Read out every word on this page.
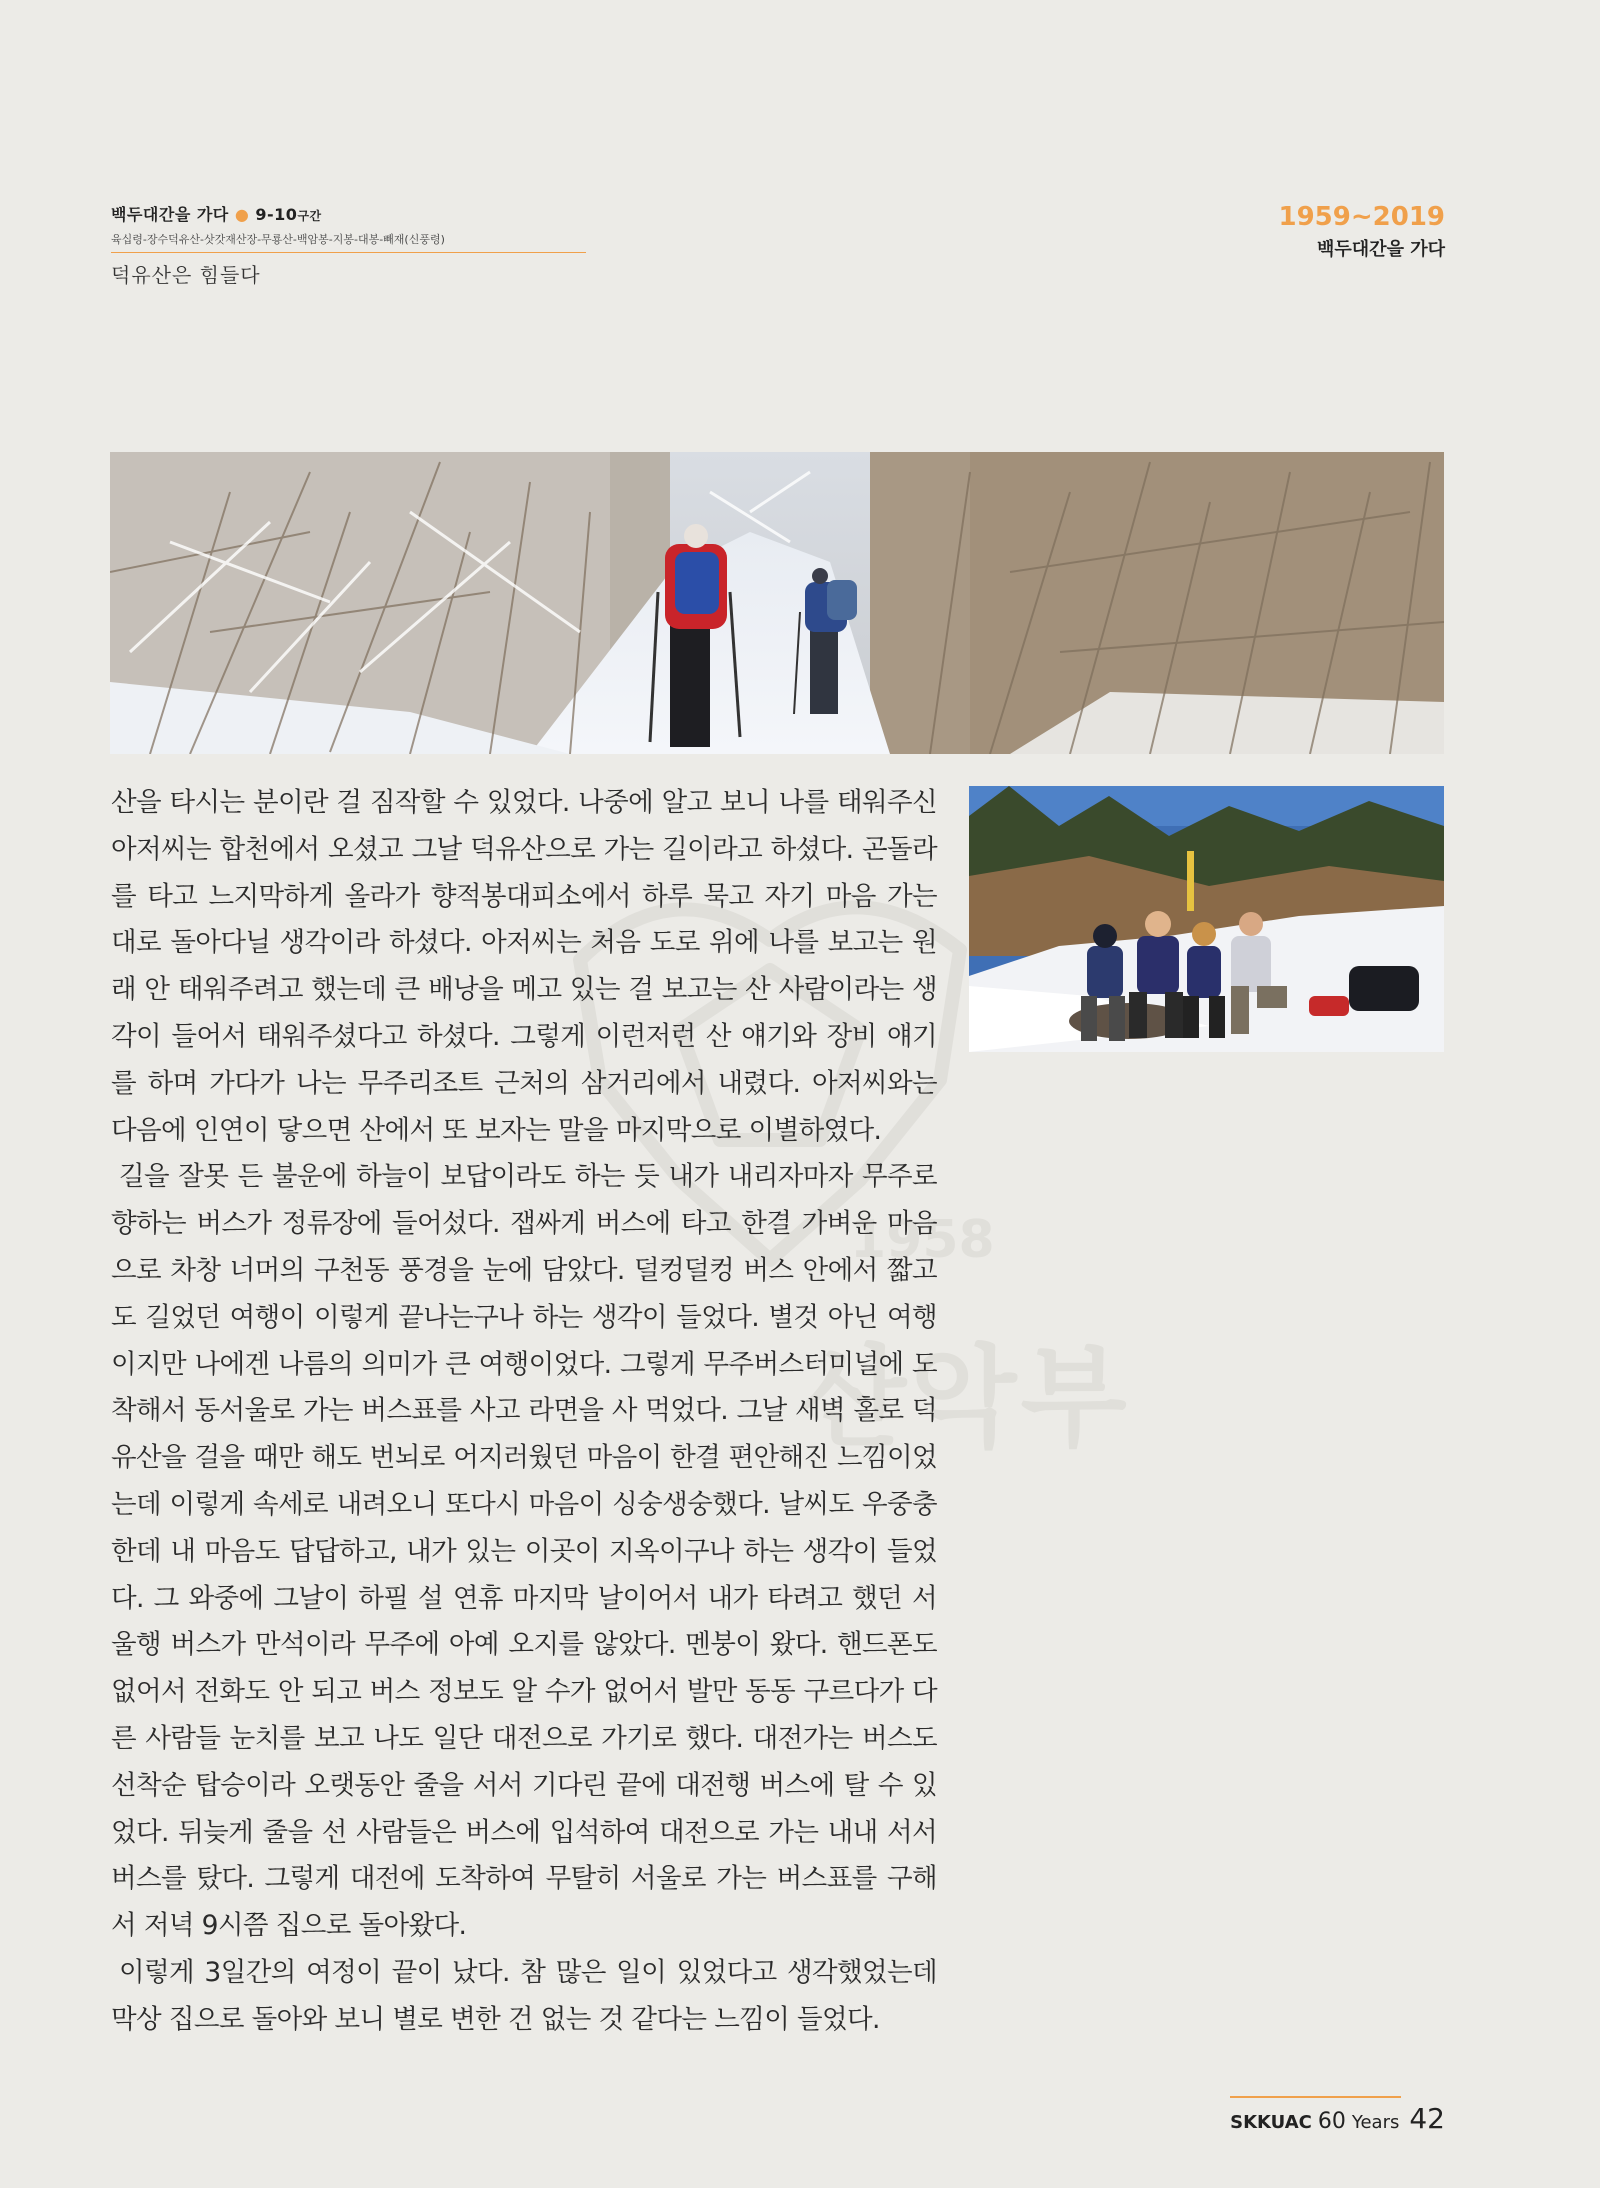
백두대간을 가다 ● 9-10구간
육십령-장수덕유산-삿갓재산장-무룡산-백암봉-지봉-대봉-빼재(신풍령)
덕유산은 힘들다
1959~2019
백두대간을 가다
1958
산악부

산을 타시는 분이란 걸 짐작할 수 있었다. 나중에 알고 보니 나를 태워주신 아저씨는 합천에서 오셨고 그날 덕유산으로 가는 길이라고 하셨다. 곤돌라를 타고 느지막하게 올라가 향적봉대피소에서 하루 묵고 자기 마음 가는 대로 돌아다닐 생각이라 하셨다. 아저씨는 처음 도로 위에 나를 보고는 원래 안 태워주려고 했는데 큰 배낭을 메고 있는 걸 보고는 산 사람이라는 생각이 들어서 태워주셨다고 하셨다. 그렇게 이런저런 산 얘기와 장비 얘기를 하며 가다가 나는 무주리조트 근처의 삼거리에서 내렸다. 아저씨와는 다음에 인연이 닿으면 산에서 또 보자는 말을 마지막으로 이별하였다.

길을 잘못 든 불운에 하늘이 보답이라도 하는 듯 내가 내리자마자 무주로 향하는 버스가 정류장에 들어섰다. 잽싸게 버스에 타고 한결 가벼운 마음으로 차창 너머의 구천동 풍경을 눈에 담았다. 덜컹덜컹 버스 안에서 짧고도 길었던 여행이 이렇게 끝나는구나 하는 생각이 들었다. 별것 아닌 여행이지만 나에겐 나름의 의미가 큰 여행이었다. 그렇게 무주버스터미널에 도착해서 동서울로 가는 버스표를 사고 라면을 사 먹었다. 그날 새벽 홀로 덕유산을 걸을 때만 해도 번뇌로 어지러웠던 마음이 한결 편안해진 느낌이었는데 이렇게 속세로 내려오니 또다시 마음이 싱숭생숭했다. 날씨도 우중충한데 내 마음도 답답하고, 내가 있는 이곳이 지옥이구나 하는 생각이 들었다. 그 와중에 그날이 하필 설 연휴 마지막 날이어서 내가 타려고 했던 서울행 버스가 만석이라 무주에 아예 오지를 않았다. 멘붕이 왔다. 핸드폰도 없어서 전화도 안 되고 버스 정보도 알 수가 없어서 발만 동동 구르다가 다른 사람들 눈치를 보고 나도 일단 대전으로 가기로 했다. 대전가는 버스도 선착순 탑승이라 오랫동안 줄을 서서 기다린 끝에 대전행 버스에 탈 수 있었다. 뒤늦게 줄을 선 사람들은 버스에 입석하여 대전으로 가는 내내 서서 버스를 탔다. 그렇게 대전에 도착하여 무탈히 서울로 가는 버스표를 구해서 저녁 9시쯤 집으로 돌아왔다.

이렇게 3일간의 여정이 끝이 났다. 참 많은 일이 있었다고 생각했었는데 막상 집으로 돌아와 보니 별로 변한 건 없는 것 같다는 느낌이 들었다.

SKKUAC 60 Years 42
